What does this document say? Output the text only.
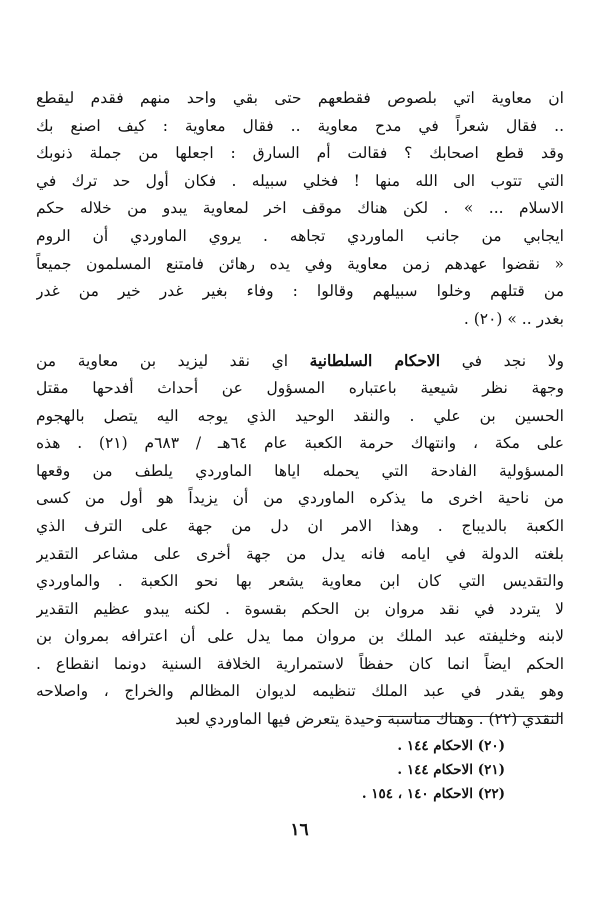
ان معاوية اتي بلصوص فقطعهم حتى بقي واحد منهم فقدم ليقطع
.. فقال شعراً في مدح معاوية .. فقال معاوية : كيف اصنع بك
وقد قطع اصحابك ؟ فقالت أم السارق : اجعلها من جملة ذنوبك
التي تتوب الى الله منها ! فخلي سبيله . فكان أول حد ترك في
الاسلام ... » . لكن هناك موقف اخر لمعاوية يبدو من خلاله حكم
ايجابي من جانب الماوردي تجاهه . يروي الماوردي أن الروم
« نقضوا عهدهم زمن معاوية وفي يده رهائن فامتنع المسلمون جميعاً
من قتلهم وخلوا سبيلهم وقالوا : وفاء بغير غدر خير من غدر
بغدر .. » (٢٠) .
ولا نجد في الاحكام السلطانية اي نقد ليزيد بن معاوية من
وجهة نظر شيعية باعتباره المسؤول عن أحداث أفدحها مقتل
الحسين بن علي . والنقد الوحيد الذي يوجه اليه يتصل بالهجوم
على مكة ، وانتهاك حرمة الكعبة عام ٦٤هـ / ٦٨٣م (٢١) . هذه
المسؤولية الفادحة التي يحمله اياها الماوردي يلطف من وقعها
من ناحية اخرى ما يذكره الماوردي من أن يزيداً هو أول من كسى
الكعبة بالديباج . وهذا الامر ان دل من جهة على الترف الذي
بلغته الدولة في ايامه فانه يدل من جهة أخرى على مشاعر التقدير
والتقديس التي كان ابن معاوية يشعر بها نحو الكعبة . والماوردي
لا يتردد في نقد مروان بن الحكم بقسوة . لكنه يبدو عظيم التقدير
لابنه وخليفته عبد الملك بن مروان مما يدل على أن اعترافه بمروان بن
الحكم ايضاً انما كان حفظاً لاستمرارية الخلافة السنية دونما انقطاع .
وهو يقدر في عبد الملك تنظيمه لديوان المظالم والخراج ، واصلاحه
النقدي (٢٢) . وهناك مناسبة وحيدة يتعرض فيها الماوردي لعبد
(٢٠) الاحكام ١٤٤ .
(٢١) الاحكام ١٤٤ .
(٢٢) الاحكام ١٤٠ ، ١٥٤ .
١٦
